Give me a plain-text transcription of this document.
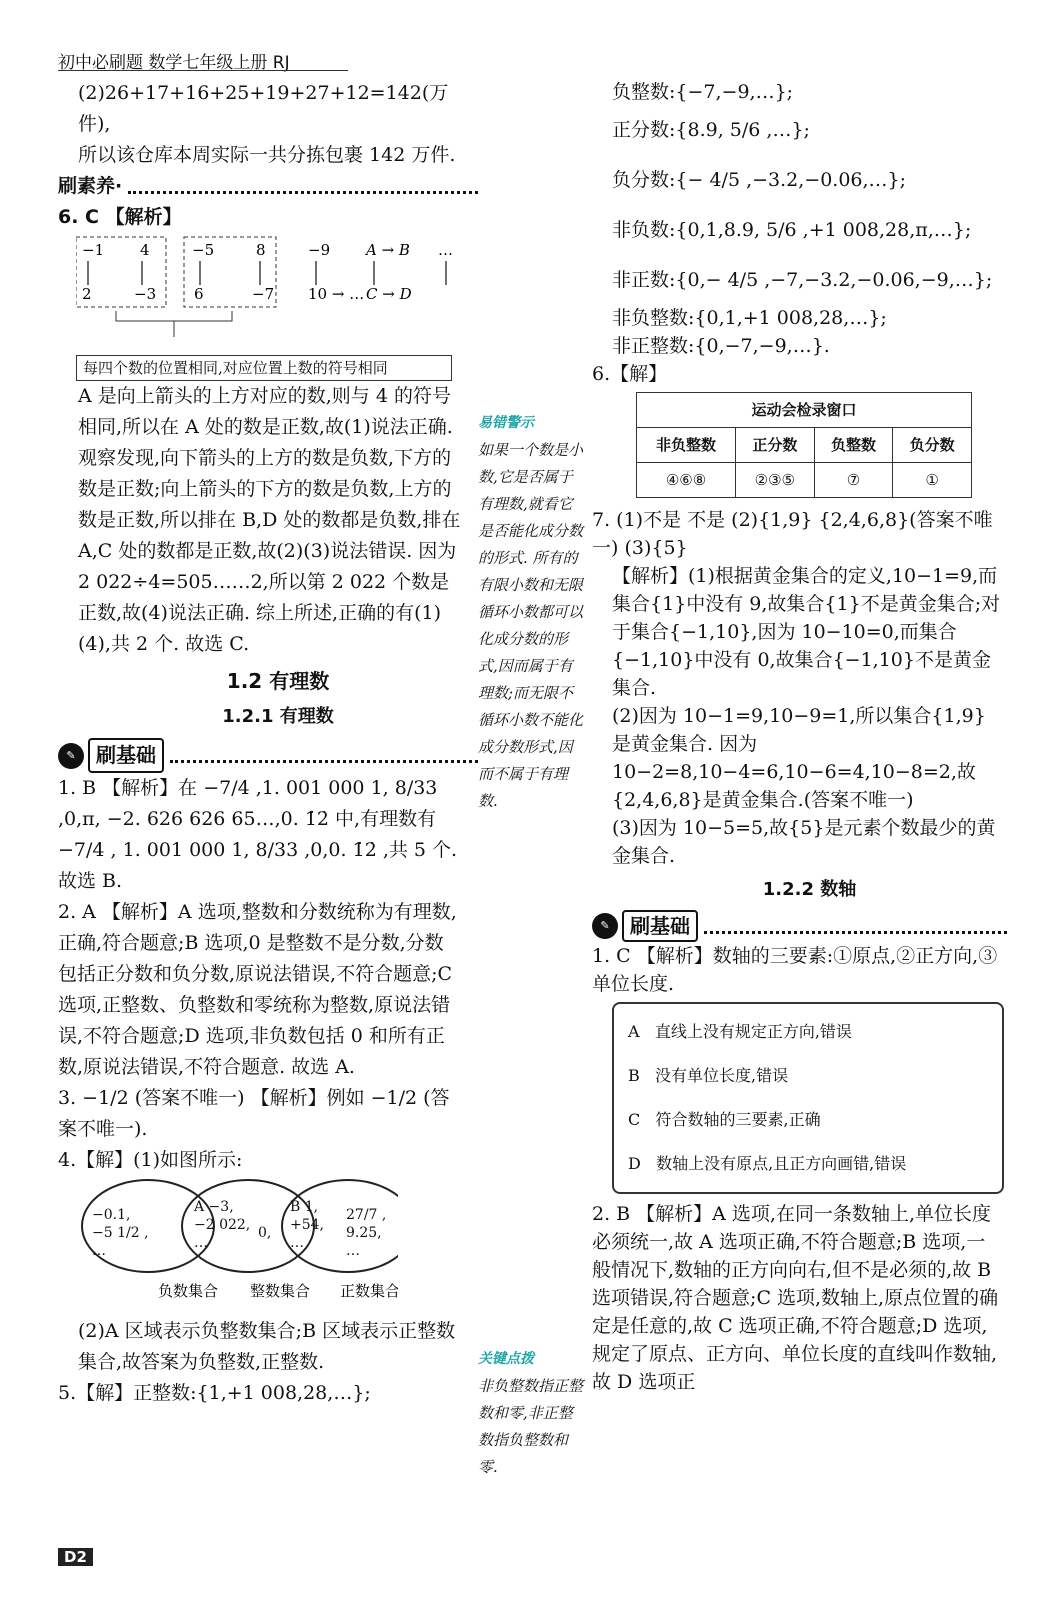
初中必刷题 数学七年级上册 RJ
(2)26+17+16+25+19+27+12=142(万件),
所以该仓库本周实际一共分拣包裹 142 万件.
刷素养·
6. C 【解析】
−1 4
2	−3
−5	8
6	−7
−9
10 → …
A → B
C → D
…
每四个数的位置相同,对应位置上数的符号相同
A 是向上箭头的上方对应的数,则与 4 的符号相同,所以在 A 处的数是正数,故(1)说法正确. 观察发现,向下箭头的上方的数是负数,下方的数是正数;向上箭头的下方的数是负数,上方的数是正数,所以排在 B,D 处的数都是负数,排在 A,C 处的数都是正数,故(2)(3)说法错误. 因为 2 022÷4=505……2,所以第 2 022 个数是正数,故(4)说法正确. 综上所述,正确的有(1)(4),共 2 个. 故选 C.
1.2 有理数
1.2.1 有理数
✎	刷基础
1. B 【解析】在 −7/4 ,1. 001 000 1, 8/33 ,0,π, −2. 626 626 65…,0. 1̇2̇ 中,有理数有 −7/4 , 1. 001 000 1, 8/33 ,0,0. 1̇2̇ ,共 5 个. 故选 B.
2. A 【解析】A 选项,整数和分数统称为有理数,正确,符合题意;B 选项,0 是整数不是分数,分数包括正分数和负分数,原说法错误,不符合题意;C 选项,正整数、负整数和零统称为整数,原说法错误,不符合题意;D 选项,非负数包括 0 和所有正数,原说法错误,不符合题意. 故选 A.
3. −1/2 (答案不唯一) 【解析】例如 −1/2 (答案不唯一).
4.【解】(1)如图所示:
负数集合 整数集合 正数集合
−0.1, −5 1/2 , …
A −3, −2 022, …
0,
B 1, +54, …
27/7 , 9.25, …
(2)A 区域表示负整数集合;B 区域表示正整数集合,故答案为负整数,正整数.
5.【解】正整数:{1,+1 008,28,…};
易错警示
如果一个数是小数,它是否属于有理数,就看它是否能化成分数的形式. 所有的有限小数和无限循环小数都可以化成分数的形式,因而属于有理数;而无限不循环小数不能化成分数形式,因而不属于有理数.
关键点拨
非负整数指正整数和零,非正整数指负整数和零.
负整数:{−7,−9,…};
正分数:{8.9, 5/6 ,…};
负分数:{− 4/5 ,−3.2,−0.06,…};
非负数:{0,1,8.9, 5/6 ,+1 008,28,π,…};
非正数:{0,− 4/5 ,−7,−3.2,−0.06,−9,…};
非负整数:{0,1,+1 008,28,…};
非正整数:{0,−7,−9,…}.
6.【解】
运动会检录窗口			
非负整数	正分数	负整数	负分数
④⑥⑧	②③⑤	⑦	①
7. (1)不是 不是 (2){1,9} {2,4,6,8}(答案不唯一) (3){5}
【解析】(1)根据黄金集合的定义,10−1=9,而集合{1}中没有 9,故集合{1}不是黄金集合;对于集合{−1,10},因为 10−10=0,而集合{−1,10}中没有 0,故集合{−1,10}不是黄金集合.
(2)因为 10−1=9,10−9=1,所以集合{1,9}是黄金集合. 因为 10−2=8,10−4=6,10−6=4,10−8=2,故{2,4,6,8}是黄金集合.(答案不唯一)
(3)因为 10−5=5,故{5}是元素个数最少的黄金集合.
1.2.2 数轴
✎	刷基础
1. C 【解析】数轴的三要素:①原点,②正方向,③单位长度.
A 直线上没有规定正方向,错误
B 没有单位长度,错误
C 符合数轴的三要素,正确
D 数轴上没有原点,且正方向画错,错误
2. B 【解析】A 选项,在同一条数轴上,单位长度必须统一,故 A 选项正确,不符合题意;B 选项,一般情况下,数轴的正方向向右,但不是必须的,故 B 选项错误,符合题意;C 选项,数轴上,原点位置的确定是任意的,故 C 选项正确,不符合题意;D 选项,规定了原点、正方向、单位长度的直线叫作数轴,故 D 选项正
D2
